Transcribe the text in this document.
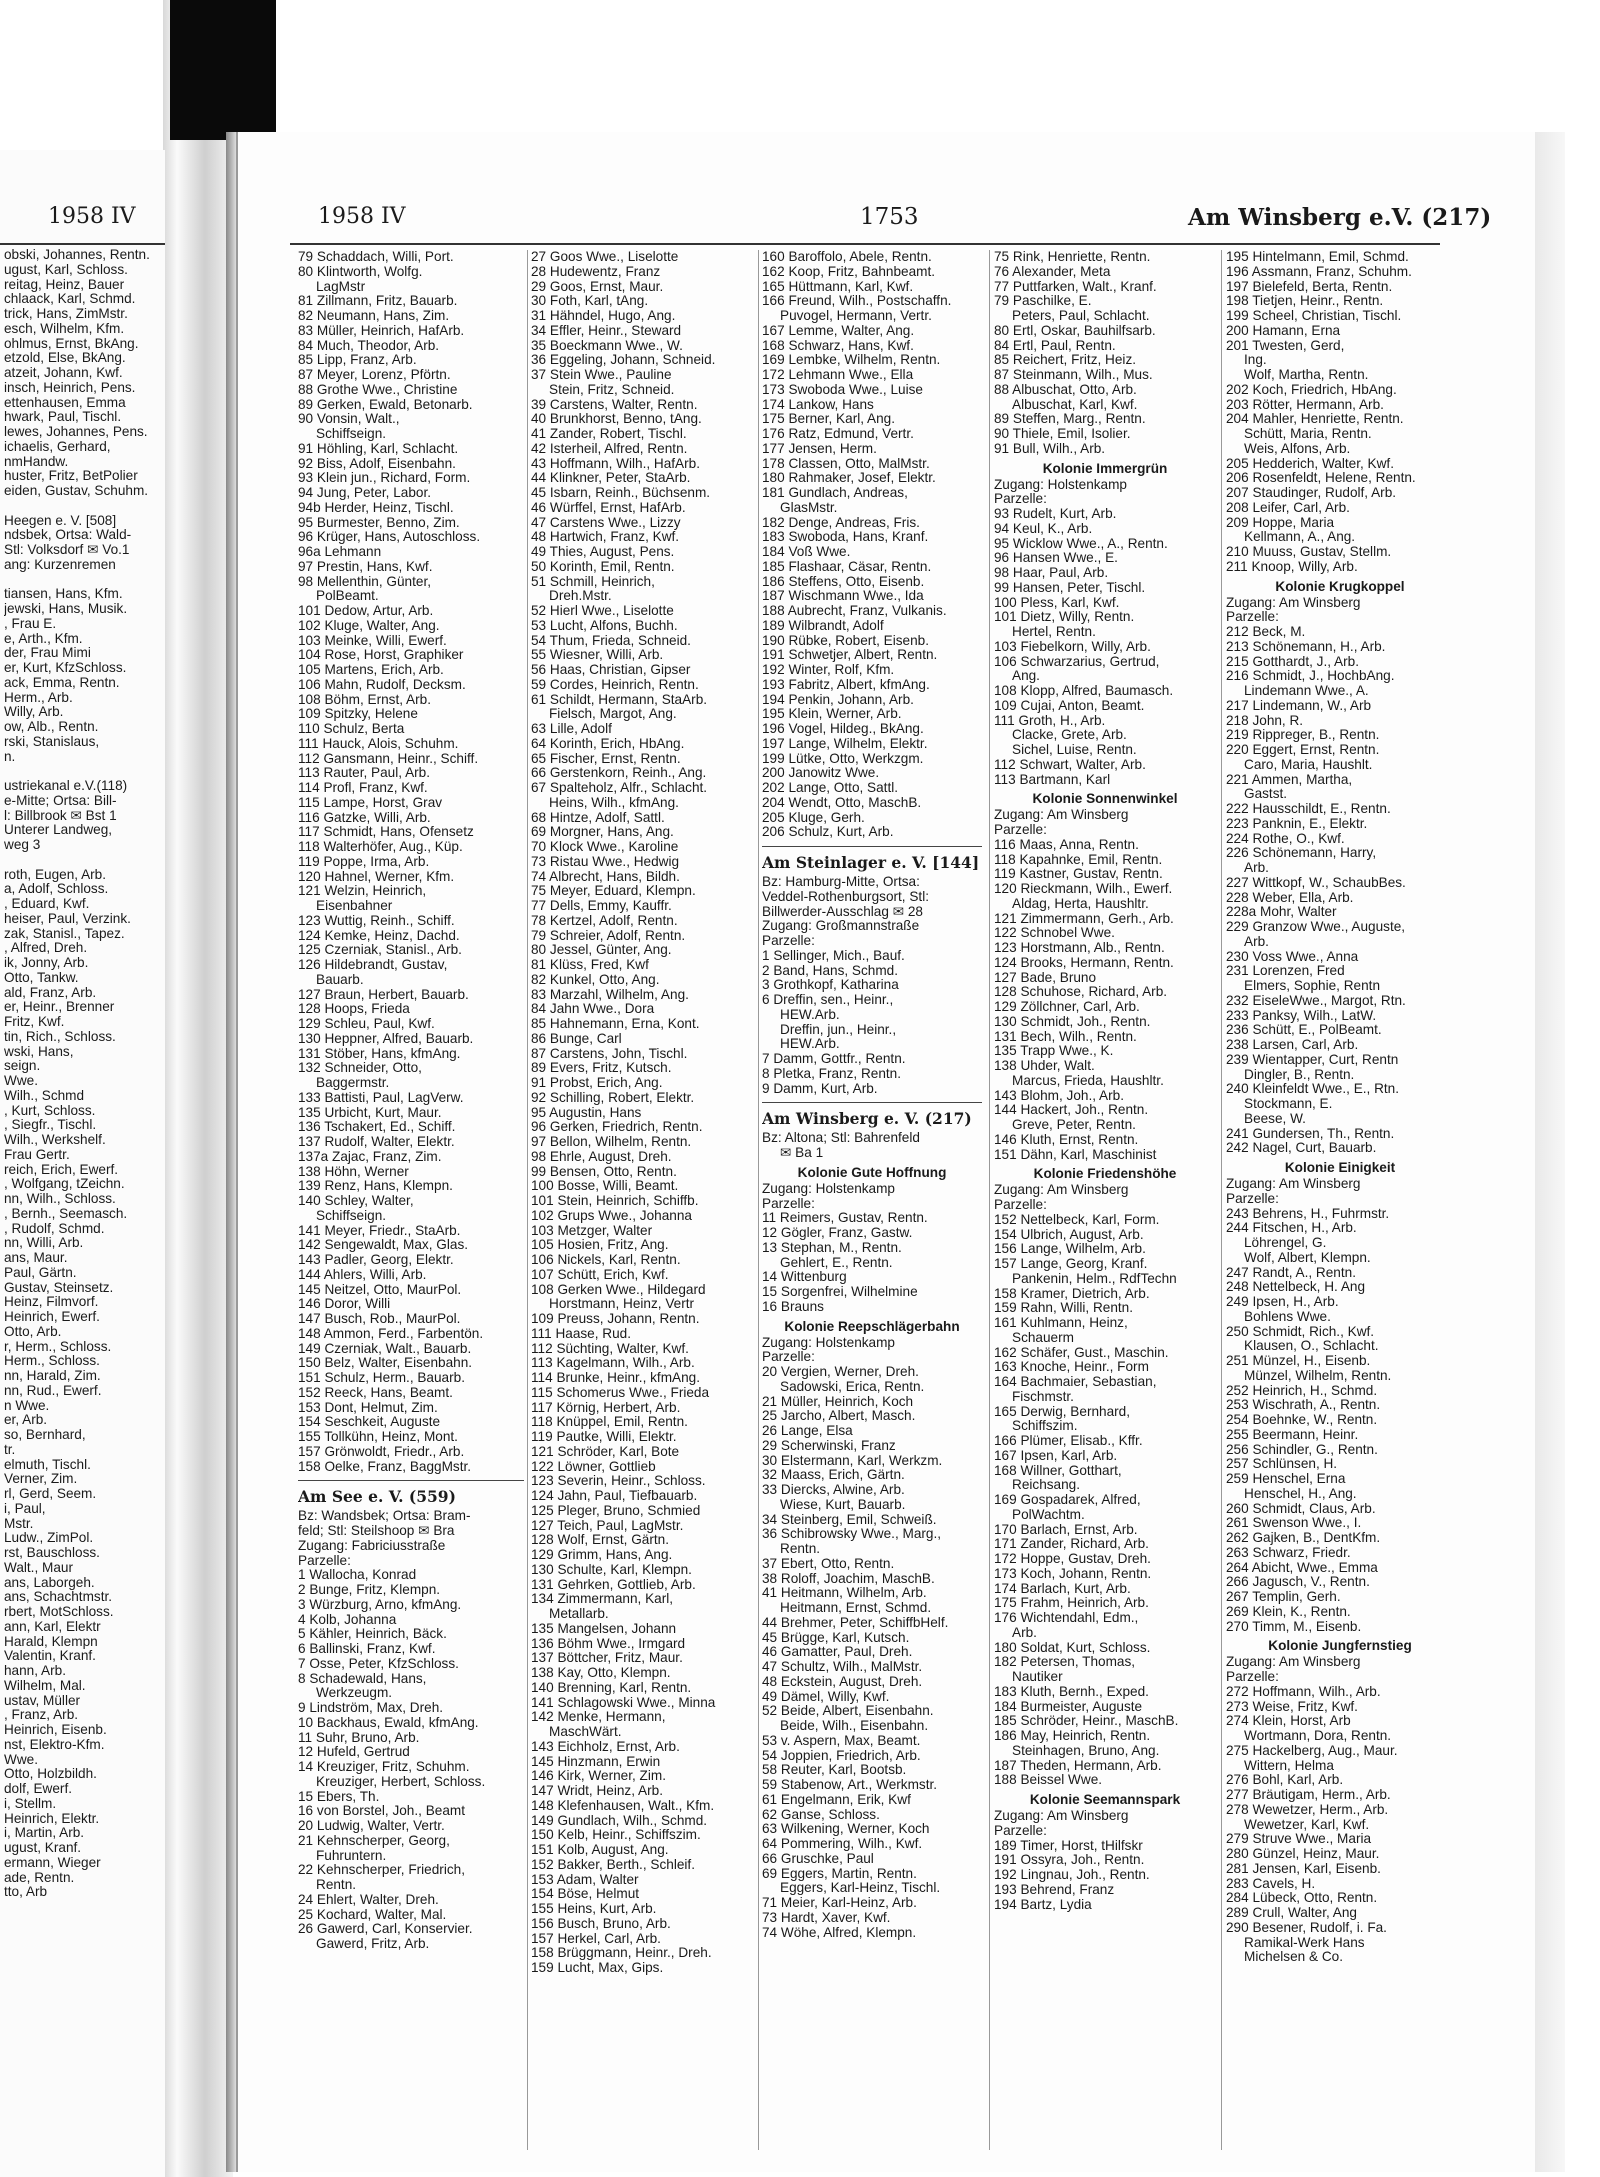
1958 IV	1958 IV	1753	Am Winsberg e.V. (217)
obski, Johannes, Rentn.
ugust, Karl, Schloss.
reitag, Heinz, Bauer
chlaack, Karl, Schmd.
trick, Hans, ZimMstr.
esch, Wilhelm, Kfm.
ohlmus, Ernst, BkAng.
etzold, Else, BkAng.
atzeit, Johann, Kwf.
insch, Heinrich, Pens.
ettenhausen, Emma
hwark, Paul, Tischl.
lewes, Johannes, Pens.
ichaelis, Gerhard,
nmHandw.
huster, Fritz, BetPolier
eiden, Gustav, Schuhm.
Heegen e. V. [508]
ndsbek, Ortsa: Wald-
Stl: Volksdorf ✉ Vo.1
ang: Kurzenremen
tiansen, Hans, Kfm.
jewski, Hans, Musik.
, Frau E.
e, Arth., Kfm.
der, Frau Mimi
er, Kurt, KfzSchloss.
ack, Emma, Rentn.
Herm., Arb.
Willy, Arb.
ow, Alb., Rentn.
rski, Stanislaus,
n.
ustriekanal e.V.(118)
e-Mitte; Ortsa: Bill-
l: Billbrook ✉ Bst 1
Unterer Landweg,
weg 3
roth, Eugen, Arb.
a, Adolf, Schloss.
, Eduard, Kwf.
heiser, Paul, Verzink.
zak, Stanisl., Tapez.
, Alfred, Dreh.
ik, Jonny, Arb.
Otto, Tankw.
ald, Franz, Arb.
er, Heinr., Brenner
Fritz, Kwf.
tin, Rich., Schloss.
wski, Hans,
seign.
Wwe.
Wilh., Schmd
, Kurt, Schloss.
, Siegfr., Tischl.
Wilh., Werkshelf.
Frau Gertr.
reich, Erich, Ewerf.
, Wolfgang, tZeichn.
nn, Wilh., Schloss.
, Bernh., Seemasch.
, Rudolf, Schmd.
nn, Willi, Arb.
ans, Maur.
Paul, Gärtn.
Gustav, Steinsetz.
Heinz, Filmvorf.
Heinrich, Ewerf.
Otto, Arb.
r, Herm., Schloss.
Herm., Schloss.
nn, Harald, Zim.
nn, Rud., Ewerf.
n Wwe.
er, Arb.
so, Bernhard,
tr.
elmuth, Tischl.
Verner, Zim.
rl, Gerd, Seem.
i, Paul,
Mstr.
Ludw., ZimPol.
rst, Bauschloss.
Walt., Maur
ans, Laborgeh.
ans, Schachtmstr.
rbert, MotSchloss.
ann, Karl, Elektr
Harald, Klempn
Valentin, Kranf.
hann, Arb.
Wilhelm, Mal.
ustav, Müller
, Franz, Arb.
Heinrich, Eisenb.
nst, Elektro-Kfm.
Wwe.
Otto, Holzbildh.
dolf, Ewerf.
i, Stellm.
Heinrich, Elektr.
i, Martin, Arb.
ugust, Kranf.
ermann, Wieger
ade, Rentn.
tto, Arb
79 Schaddach, Willi, Port.
80 Klintworth, Wolfg.
LagMstr
81 Zillmann, Fritz, Bauarb.
82 Neumann, Hans, Zim.
83 Müller, Heinrich, HafArb.
84 Much, Theodor, Arb.
85 Lipp, Franz, Arb.
87 Meyer, Lorenz, Pförtn.
88 Grothe Wwe., Christine
89 Gerken, Ewald, Betonarb.
90 Vonsin, Walt.,
Schiffseign.
91 Höhling, Karl, Schlacht.
92 Biss, Adolf, Eisenbahn.
93 Klein jun., Richard, Form.
94 Jung, Peter, Labor.
94b Herder, Heinz, Tischl.
95 Burmester, Benno, Zim.
96 Krüger, Hans, Autoschloss.
96a Lehmann
97 Prestin, Hans, Kwf.
98 Mellenthin, Günter,
PolBeamt.
101 Dedow, Artur, Arb.
102 Kluge, Walter, Ang.
103 Meinke, Willi, Ewerf.
104 Rose, Horst, Graphiker
105 Martens, Erich, Arb.
106 Mahn, Rudolf, Decksm.
108 Böhm, Ernst, Arb.
109 Spitzky, Helene
110 Schulz, Berta
111 Hauck, Alois, Schuhm.
112 Gansmann, Heinr., Schiff.
113 Rauter, Paul, Arb.
114 Profl, Franz, Kwf.
115 Lampe, Horst, Grav
116 Gatzke, Willi, Arb.
117 Schmidt, Hans, Ofensetz
118 Walterhöfer, Aug., Küp.
119 Poppe, Irma, Arb.
120 Hahnel, Werner, Kfm.
121 Welzin, Heinrich,
Eisenbahner
123 Wuttig, Reinh., Schiff.
124 Kemke, Heinz, Dachd.
125 Czerniak, Stanisl., Arb.
126 Hildebrandt, Gustav,
Bauarb.
127 Braun, Herbert, Bauarb.
128 Hoops, Frieda
129 Schleu, Paul, Kwf.
130 Heppner, Alfred, Bauarb.
131 Stöber, Hans, kfmAng.
132 Schneider, Otto,
Baggermstr.
133 Battisti, Paul, LagVerw.
135 Urbicht, Kurt, Maur.
136 Tschakert, Ed., Schiff.
137 Rudolf, Walter, Elektr.
137a Zajac, Franz, Zim.
138 Höhn, Werner
139 Renz, Hans, Klempn.
140 Schley, Walter,
Schiffseign.
141 Meyer, Friedr., StaArb.
142 Sengewaldt, Max, Glas.
143 Padler, Georg, Elektr.
144 Ahlers, Willi, Arb.
145 Neitzel, Otto, MaurPol.
146 Doror, Willi
147 Busch, Rob., MaurPol.
148 Ammon, Ferd., Farbentön.
149 Czerniak, Walt., Bauarb.
150 Belz, Walter, Eisenbahn.
151 Schulz, Herm., Bauarb.
152 Reeck, Hans, Beamt.
153 Dont, Helmut, Zim.
154 Seschkeit, Auguste
155 Tollkühn, Heinz, Mont.
157 Grönwoldt, Friedr., Arb.
158 Oelke, Franz, BaggMstr.
Am See e. V. (559)
Bz: Wandsbek; Ortsa: Bram-
feld; Stl: Steilshoop ✉ Bra
Zugang: Fabriciusstraße
Parzelle:
1 Wallocha, Konrad
2 Bunge, Fritz, Klempn.
3 Würzburg, Arno, kfmAng.
4 Kolb, Johanna
5 Kähler, Heinrich, Bäck.
6 Ballinski, Franz, Kwf.
7 Osse, Peter, KfzSchloss.
8 Schadewald, Hans,
Werkzeugm.
9 Lindström, Max, Dreh.
10 Backhaus, Ewald, kfmAng.
11 Suhr, Bruno, Arb.
12 Hufeld, Gertrud
14 Kreuziger, Fritz, Schuhm.
Kreuziger, Herbert, Schloss.
15 Ebers, Th.
16 von Borstel, Joh., Beamt
20 Ludwig, Walter, Vertr.
21 Kehnscherper, Georg,
Fuhruntern.
22 Kehnscherper, Friedrich,
Rentn.
24 Ehlert, Walter, Dreh.
25 Kochard, Walter, Mal.
26 Gawerd, Carl, Konservier.
Gawerd, Fritz, Arb.
27 Goos Wwe., Liselotte
28 Hudewentz, Franz
29 Goos, Ernst, Maur.
30 Foth, Karl, tAng.
31 Hähndel, Hugo, Ang.
34 Effler, Heinr., Steward
35 Boeckmann Wwe., W.
36 Eggeling, Johann, Schneid.
37 Stein Wwe., Pauline
Stein, Fritz, Schneid.
39 Carstens, Walter, Rentn.
40 Brunkhorst, Benno, tAng.
41 Zander, Robert, Tischl.
42 Isterheil, Alfred, Rentn.
43 Hoffmann, Wilh., HafArb.
44 Klinkner, Peter, StaArb.
45 Isbarn, Reinh., Büchsenm.
46 Würffel, Ernst, HafArb.
47 Carstens Wwe., Lizzy
48 Hartwich, Franz, Kwf.
49 Thies, August, Pens.
50 Korinth, Emil, Rentn.
51 Schmill, Heinrich,
Dreh.Mstr.
52 Hierl Wwe., Liselotte
53 Lucht, Alfons, Buchh.
54 Thum, Frieda, Schneid.
55 Wiesner, Willi, Arb.
56 Haas, Christian, Gipser
59 Cordes, Heinrich, Rentn.
61 Schildt, Hermann, StaArb.
Fielsch, Margot, Ang.
63 Lille, Adolf
64 Korinth, Erich, HbAng.
65 Fischer, Ernst, Rentn.
66 Gerstenkorn, Reinh., Ang.
67 Spalteholz, Alfr., Schlacht.
Heins, Wilh., kfmAng.
68 Hintze, Adolf, Sattl.
69 Morgner, Hans, Ang.
70 Klock Wwe., Karoline
73 Ristau Wwe., Hedwig
74 Albrecht, Hans, Bildh.
75 Meyer, Eduard, Klempn.
77 Dells, Emmy, Kauffr.
78 Kertzel, Adolf, Rentn.
79 Schreier, Adolf, Rentn.
80 Jessel, Günter, Ang.
81 Klüss, Fred, Kwf
82 Kunkel, Otto, Ang.
83 Marzahl, Wilhelm, Ang.
84 Jahn Wwe., Dora
85 Hahnemann, Erna, Kont.
86 Bunge, Carl
87 Carstens, John, Tischl.
89 Evers, Fritz, Kutsch.
91 Probst, Erich, Ang.
92 Schilling, Robert, Elektr.
95 Augustin, Hans
96 Gerken, Friedrich, Rentn.
97 Bellon, Wilhelm, Rentn.
98 Ehrle, August, Dreh.
99 Bensen, Otto, Rentn.
100 Bosse, Willi, Beamt.
101 Stein, Heinrich, Schiffb.
102 Grups Wwe., Johanna
103 Metzger, Walter
105 Hosien, Fritz, Ang.
106 Nickels, Karl, Rentn.
107 Schütt, Erich, Kwf.
108 Gerken Wwe., Hildegard
Horstmann, Heinz, Vertr
109 Preuss, Johann, Rentn.
111 Haase, Rud.
112 Süchting, Walter, Kwf.
113 Kagelmann, Wilh., Arb.
114 Brunke, Heinr., kfmAng.
115 Schomerus Wwe., Frieda
117 Körnig, Herbert, Arb.
118 Knüppel, Emil, Rentn.
119 Pautke, Willi, Elektr.
121 Schröder, Karl, Bote
122 Löwner, Gottlieb
123 Severin, Heinr., Schloss.
124 Jahn, Paul, Tiefbauarb.
125 Pleger, Bruno, Schmied
127 Teich, Paul, LagMstr.
128 Wolf, Ernst, Gärtn.
129 Grimm, Hans, Ang.
130 Schulte, Karl, Klempn.
131 Gehrken, Gottlieb, Arb.
134 Zimmermann, Karl,
Metallarb.
135 Mangelsen, Johann
136 Böhm Wwe., Irmgard
137 Böttcher, Fritz, Maur.
138 Kay, Otto, Klempn.
140 Brenning, Karl, Rentn.
141 Schlagowski Wwe., Minna
142 Menke, Hermann,
MaschWärt.
143 Eichholz, Ernst, Arb.
145 Hinzmann, Erwin
146 Kirk, Werner, Zim.
147 Wridt, Heinz, Arb.
148 Klefenhausen, Walt., Kfm.
149 Gundlach, Wilh., Schmd.
150 Kelb, Heinr., Schiffszim.
151 Kolb, August, Ang.
152 Bakker, Berth., Schleif.
153 Adam, Walter
154 Böse, Helmut
155 Heins, Kurt, Arb.
156 Busch, Bruno, Arb.
157 Herkel, Carl, Arb.
158 Brüggmann, Heinr., Dreh.
159 Lucht, Max, Gips.
160 Baroffolo, Abele, Rentn.
162 Koop, Fritz, Bahnbeamt.
165 Hüttmann, Karl, Kwf.
166 Freund, Wilh., Postschaffn.
Puvogel, Hermann, Vertr.
167 Lemme, Walter, Ang.
168 Schwarz, Hans, Kwf.
169 Lembke, Wilhelm, Rentn.
172 Lehmann Wwe., Ella
173 Swoboda Wwe., Luise
174 Lankow, Hans
175 Berner, Karl, Ang.
176 Ratz, Edmund, Vertr.
177 Jensen, Herm.
178 Classen, Otto, MalMstr.
180 Rahmaker, Josef, Elektr.
181 Gundlach, Andreas,
GlasMstr.
182 Denge, Andreas, Fris.
183 Swoboda, Hans, Kranf.
184 Voß Wwe.
185 Flashaar, Cäsar, Rentn.
186 Steffens, Otto, Eisenb.
187 Wischmann Wwe., Ida
188 Aubrecht, Franz, Vulkanis.
189 Wilbrandt, Adolf
190 Rübke, Robert, Eisenb.
191 Schwetjer, Albert, Rentn.
192 Winter, Rolf, Kfm.
193 Fabritz, Albert, kfmAng.
194 Penkin, Johann, Arb.
195 Klein, Werner, Arb.
196 Vogel, Hildeg., BkAng.
197 Lange, Wilhelm, Elektr.
199 Lütke, Otto, Werkzgm.
200 Janowitz Wwe.
202 Lange, Otto, Sattl.
204 Wendt, Otto, MaschB.
205 Kluge, Gerh.
206 Schulz, Kurt, Arb.
Am Steinlager e. V. [144]
Bz: Hamburg-Mitte, Ortsa:
Veddel-Rothenburgsort, Stl:
Billwerder-Ausschlag ✉ 28
Zugang: Großmannstraße
Parzelle:
1 Sellinger, Mich., Bauf.
2 Band, Hans, Schmd.
3 Grothkopf, Katharina
6 Dreffin, sen., Heinr.,
HEW.Arb.
Dreffin, jun., Heinr.,
HEW.Arb.
7 Damm, Gottfr., Rentn.
8 Pletka, Franz, Rentn.
9 Damm, Kurt, Arb.
Am Winsberg e. V. (217)
Bz: Altona; Stl: Bahrenfeld
✉ Ba 1
Kolonie Gute Hoffnung
Zugang: Holstenkamp
Parzelle:
11 Reimers, Gustav, Rentn.
12 Gögler, Franz, Gastw.
13 Stephan, M., Rentn.
Gehlert, E., Rentn.
14 Wittenburg
15 Sorgenfrei, Wilhelmine
16 Brauns
Kolonie Reepschlägerbahn
Zugang: Holstenkamp
Parzelle:
20 Vergien, Werner, Dreh.
Sadowski, Erica, Rentn.
21 Müller, Heinrich, Koch
25 Jarcho, Albert, Masch.
26 Lange, Elsa
29 Scherwinski, Franz
30 Elstermann, Karl, Werkzm.
32 Maass, Erich, Gärtn.
33 Diercks, Alwine, Arb.
Wiese, Kurt, Bauarb.
34 Steinberg, Emil, Schweiß.
36 Schibrowsky Wwe., Marg.,
Rentn.
37 Ebert, Otto, Rentn.
38 Roloff, Joachim, MaschB.
41 Heitmann, Wilhelm, Arb.
Heitmann, Ernst, Schmd.
44 Brehmer, Peter, SchiffbHelf.
45 Brügge, Karl, Kutsch.
46 Gamatter, Paul, Dreh.
47 Schultz, Wilh., MalMstr.
48 Eckstein, August, Dreh.
49 Dämel, Willy, Kwf.
52 Beide, Albert, Eisenbahn.
Beide, Wilh., Eisenbahn.
53 v. Aspern, Max, Beamt.
54 Joppien, Friedrich, Arb.
58 Reuter, Karl, Bootsb.
59 Stabenow, Art., Werkmstr.
61 Engelmann, Erik, Kwf
62 Ganse, Schloss.
63 Wilkening, Werner, Koch
64 Pommering, Wilh., Kwf.
66 Gruschke, Paul
69 Eggers, Martin, Rentn.
Eggers, Karl-Heinz, Tischl.
71 Meier, Karl-Heinz, Arb.
73 Hardt, Xaver, Kwf.
74 Wöhe, Alfred, Klempn.
75 Rink, Henriette, Rentn.
76 Alexander, Meta
77 Puttfarken, Walt., Kranf.
79 Paschilke, E.
Peters, Paul, Schlacht.
80 Ertl, Oskar, Bauhilfsarb.
84 Ertl, Paul, Rentn.
85 Reichert, Fritz, Heiz.
87 Steinmann, Wilh., Mus.
88 Albuschat, Otto, Arb.
Albuschat, Karl, Kwf.
89 Steffen, Marg., Rentn.
90 Thiele, Emil, Isolier.
91 Bull, Wilh., Arb.
Kolonie Immergrün
Zugang: Holstenkamp
Parzelle:
93 Rudelt, Kurt, Arb.
94 Keul, K., Arb.
95 Wicklow Wwe., A., Rentn.
96 Hansen Wwe., E.
98 Haar, Paul, Arb.
99 Hansen, Peter, Tischl.
100 Pless, Karl, Kwf.
101 Dietz, Willy, Rentn.
Hertel, Rentn.
103 Fiebelkorn, Willy, Arb.
106 Schwarzarius, Gertrud,
Ang.
108 Klopp, Alfred, Baumasch.
109 Cujai, Anton, Beamt.
111 Groth, H., Arb.
Clacke, Grete, Arb.
Sichel, Luise, Rentn.
112 Schwart, Walter, Arb.
113 Bartmann, Karl
Kolonie Sonnenwinkel
Zugang: Am Winsberg
Parzelle:
116 Maas, Anna, Rentn.
118 Kapahnke, Emil, Rentn.
119 Kastner, Gustav, Rentn.
120 Rieckmann, Wilh., Ewerf.
Aldag, Herta, Haushltr.
121 Zimmermann, Gerh., Arb.
122 Schnobel Wwe.
123 Horstmann, Alb., Rentn.
124 Brooks, Hermann, Rentn.
127 Bade, Bruno
128 Schuhose, Richard, Arb.
129 Zöllchner, Carl, Arb.
130 Schmidt, Joh., Rentn.
131 Bech, Wilh., Rentn.
135 Trapp Wwe., K.
138 Uhder, Walt.
Marcus, Frieda, Haushltr.
143 Blohm, Joh., Arb.
144 Hackert, Joh., Rentn.
Greve, Peter, Rentn.
146 Kluth, Ernst, Rentn.
151 Dähn, Karl, Maschinist
Kolonie Friedenshöhe
Zugang: Am Winsberg
Parzelle:
152 Nettelbeck, Karl, Form.
154 Ulbrich, August, Arb.
156 Lange, Wilhelm, Arb.
157 Lange, Georg, Kranf.
Pankenin, Helm., RdfTechn
158 Kramer, Dietrich, Arb.
159 Rahn, Willi, Rentn.
161 Kuhlmann, Heinz,
Schauerm
162 Schäfer, Gust., Maschin.
163 Knoche, Heinr., Form
164 Bachmaier, Sebastian,
Fischmstr.
165 Derwig, Bernhard,
Schiffszim.
166 Plümer, Elisab., Kffr.
167 Ipsen, Karl, Arb.
168 Willner, Gotthart,
Reichsang.
169 Gospadarek, Alfred,
PolWachtm.
170 Barlach, Ernst, Arb.
171 Zander, Richard, Arb.
172 Hoppe, Gustav, Dreh.
173 Koch, Johann, Rentn.
174 Barlach, Kurt, Arb.
175 Frahm, Heinrich, Arb.
176 Wichtendahl, Edm.,
Arb.
180 Soldat, Kurt, Schloss.
182 Petersen, Thomas,
Nautiker
183 Kluth, Bernh., Exped.
184 Burmeister, Auguste
185 Schröder, Heinr., MaschB.
186 May, Heinrich, Rentn.
Steinhagen, Bruno, Ang.
187 Theden, Hermann, Arb.
188 Beissel Wwe.
Kolonie Seemannspark
Zugang: Am Winsberg
Parzelle:
189 Timer, Horst, tHilfskr
191 Ossyra, Joh., Rentn.
192 Lingnau, Joh., Rentn.
193 Behrend, Franz
194 Bartz, Lydia
195 Hintelmann, Emil, Schmd.
196 Assmann, Franz, Schuhm.
197 Bielefeld, Berta, Rentn.
198 Tietjen, Heinr., Rentn.
199 Scheel, Christian, Tischl.
200 Hamann, Erna
201 Twesten, Gerd,
Ing.
Wolf, Martha, Rentn.
202 Koch, Friedrich, HbAng.
203 Rötter, Hermann, Arb.
204 Mahler, Henriette, Rentn.
Schütt, Maria, Rentn.
Weis, Alfons, Arb.
205 Hedderich, Walter, Kwf.
206 Rosenfeldt, Helene, Rentn.
207 Staudinger, Rudolf, Arb.
208 Leifer, Carl, Arb.
209 Hoppe, Maria
Kellmann, A., Ang.
210 Muuss, Gustav, Stellm.
211 Knoop, Willy, Arb.
Kolonie Krugkoppel
Zugang: Am Winsberg
Parzelle:
212 Beck, M.
213 Schönemann, H., Arb.
215 Gotthardt, J., Arb.
216 Schmidt, J., HochbAng.
Lindemann Wwe., A.
217 Lindemann, W., Arb
218 John, R.
219 Rippreger, B., Rentn.
220 Eggert, Ernst, Rentn.
Caro, Maria, Haushlt.
221 Ammen, Martha,
Gastst.
222 Hausschildt, E., Rentn.
223 Panknin, E., Elektr.
224 Rothe, O., Kwf.
226 Schönemann, Harry,
Arb.
227 Wittkopf, W., SchaubBes.
228 Weber, Ella, Arb.
228a Mohr, Walter
229 Granzow Wwe., Auguste,
Arb.
230 Voss Wwe., Anna
231 Lorenzen, Fred
Elmers, Sophie, Rentn
232 EiseleWwe., Margot, Rtn.
233 Panksy, Wilh., LatW.
236 Schütt, E., PolBeamt.
238 Larsen, Carl, Arb.
239 Wientapper, Curt, Rentn
Dingler, B., Rentn.
240 Kleinfeldt Wwe., E., Rtn.
Stockmann, E.
Beese, W.
241 Gundersen, Th., Rentn.
242 Nagel, Curt, Bauarb.
Kolonie Einigkeit
Zugang: Am Winsberg
Parzelle:
243 Behrens, H., Fuhrmstr.
244 Fitschen, H., Arb.
Löhrengel, G.
Wolf, Albert, Klempn.
247 Randt, A., Rentn.
248 Nettelbeck, H. Ang
249 Ipsen, H., Arb.
Bohlens Wwe.
250 Schmidt, Rich., Kwf.
Klausen, O., Schlacht.
251 Münzel, H., Eisenb.
Münzel, Wilhelm, Rentn.
252 Heinrich, H., Schmd.
253 Wischrath, A., Rentn.
254 Boehnke, W., Rentn.
255 Beermann, Heinr.
256 Schindler, G., Rentn.
257 Schlünsen, H.
259 Henschel, Erna
Henschel, H., Ang.
260 Schmidt, Claus, Arb.
261 Swenson Wwe., I.
262 Gajken, B., DentKfm.
263 Schwarz, Friedr.
264 Abicht, Wwe., Emma
266 Jagusch, V., Rentn.
267 Templin, Gerh.
269 Klein, K., Rentn.
270 Timm, M., Eisenb.
Kolonie Jungfernstieg
Zugang: Am Winsberg
Parzelle:
272 Hoffmann, Wilh., Arb.
273 Weise, Fritz, Kwf.
274 Klein, Horst, Arb
Wortmann, Dora, Rentn.
275 Hackelberg, Aug., Maur.
Wittern, Helma
276 Bohl, Karl, Arb.
277 Bräutigam, Herm., Arb.
278 Wewetzer, Herm., Arb.
Wewetzer, Karl, Kwf.
279 Struve Wwe., Maria
280 Günzel, Heinz, Maur.
281 Jensen, Karl, Eisenb.
283 Cavels, H.
284 Lübeck, Otto, Rentn.
289 Crull, Walter, Ang
290 Besener, Rudolf, i. Fa.
Ramikal-Werk Hans
Michelsen & Co.
